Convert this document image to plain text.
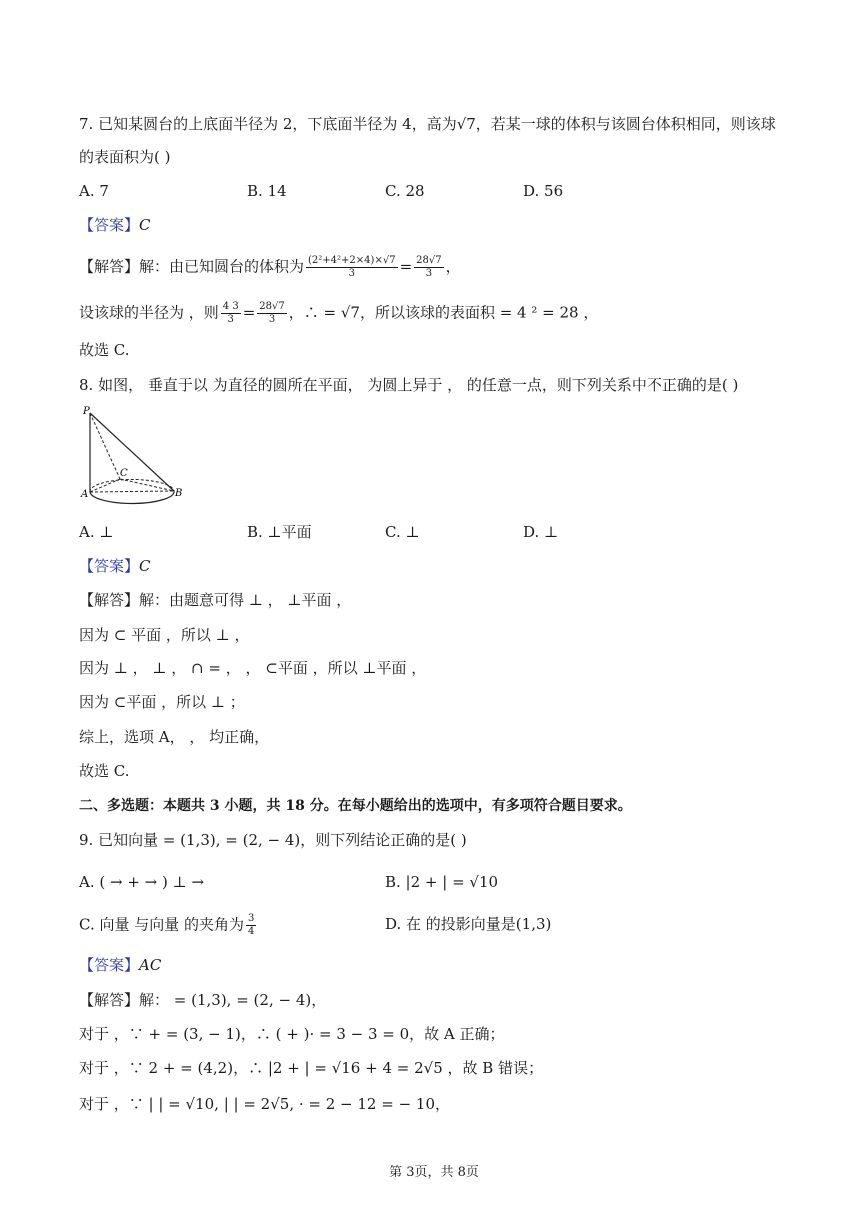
7. 已知某圆台的上底面半径为 2，下底面半径为 4，高为√7，若某一球的体积与该圆台体积相同，则该球
的表面积为( )
A. 7	B. 14	C. 28	D. 56
【答案】C
【解答】解：由已知圆台的体积为 $\frac{\text{(2²+4²+2×4)×√7}}{3} = \frac{28√7}{3}$ ，
设该球的半径为 ，则 $\frac{4 3}{3} = \frac{28√7}{3}$ ，∴ = √7，所以该球的表面积 = 4 ² = 28 ，
故选 C.
8. 如图， 垂直于以 为直径的圆所在平面， 为圆上异于 ， 的任意一点，则下列关系中不正确的是( )
P
A	B
C
A. ⊥	B. ⊥平面	C. ⊥	D. ⊥
【答案】C
【解答】解：由题意可得 ⊥ ， ⊥平面 ，
因为 ⊂ 平面 ，所以 ⊥ ，
因为 ⊥ ， ⊥ ， ∩ = ， ， ⊂平面 ，所以 ⊥平面 ，
因为 ⊂平面 ，所以 ⊥ ；
综上，选项 A， ， 均正确，
故选 C.
二、多选题：本题共 3 小题，共 18 分。在每小题给出的选项中，有多项符合题目要求。
9. 已知向量 = (1,3), = (2, − 4)，则下列结论正确的是( )
A. ( → + → ) ⊥ →	B. |2 + | = √10
C. 向量 与向量 的夹角为 $\frac{3}{4}$	D. 在 的投影向量是(1,3)
【答案】AC
【解答】解： = (1,3), = (2, − 4)，
对于 ，∵ + = (3, − 1)，∴ ( + )· = 3 − 3 = 0，故 A 正确；
对于 ，∵ 2 + = (4,2)，∴ |2 + | = √16 + 4 = 2√5 ，故 B 错误；
对于 ，∵ | | = √10, | | = 2√5, · = 2 − 12 = − 10，
第 3页，共 8页
